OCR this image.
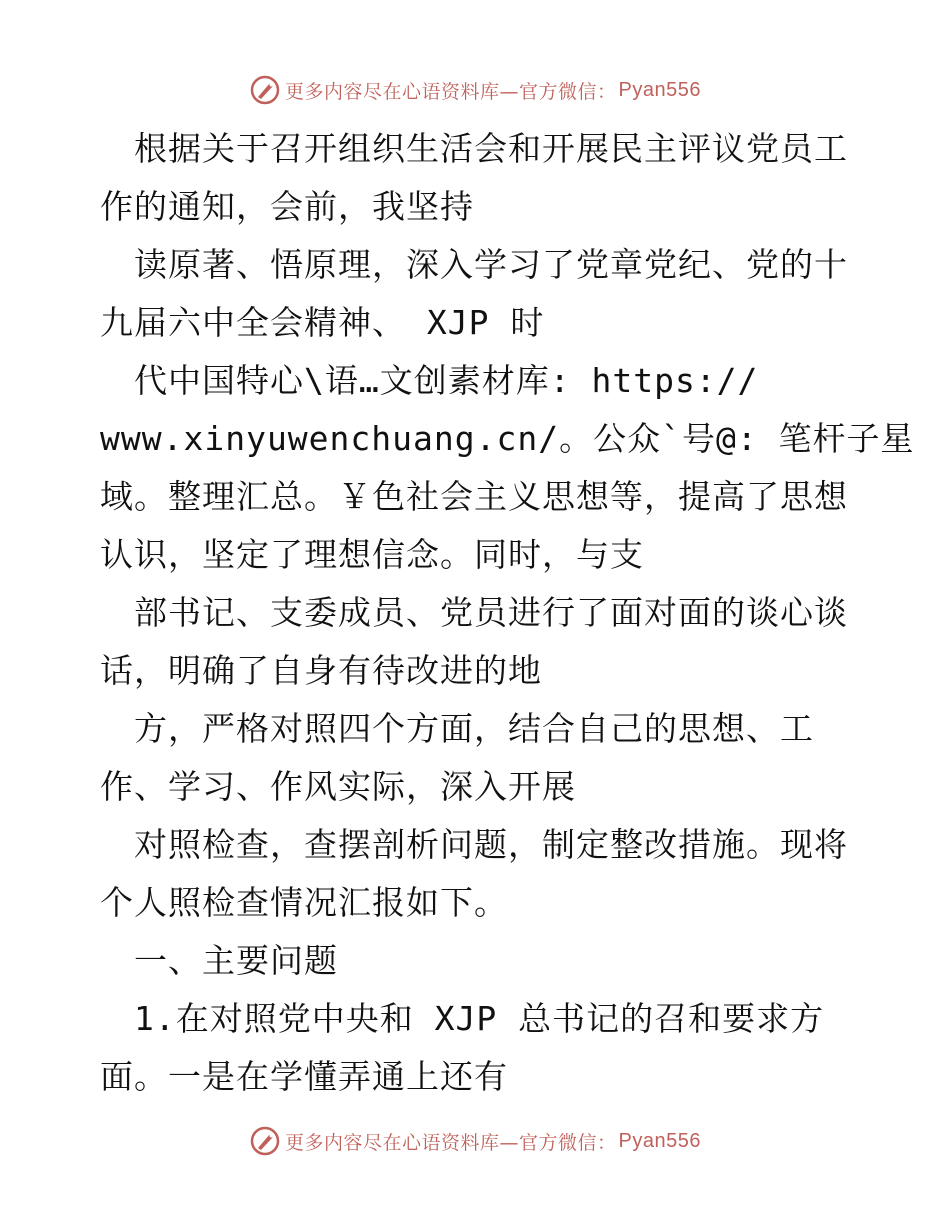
更多内容尽在心语资料库—官方微信： Pyan556
根据关于召开组织生活会和开展民主评议党员工
作的通知，会前，我坚持
读原著、悟原理，深入学习了党章党纪、党的十
九届六中全会精神、 XJP 时
代中国特心\语…文创素材库: https://
www.xinyuwenchuang.cn/。公众`号@: 笔杆子星
域。整理汇总。￥色社会主义思想等，提高了思想
认识，坚定了理想信念。同时，与支
部书记、支委成员、党员进行了面对面的谈心谈
话，明确了自身有待改进的地
方，严格对照四个方面，结合自己的思想、工
作、学习、作风实际，深入开展
对照检查，查摆剖析问题，制定整改措施。现将
个人照检查情况汇报如下。
一、主要问题
1.在对照党中央和 XJP 总书记的召和要求方
面。一是在学懂弄通上还有
更多内容尽在心语资料库—官方微信： Pyan556
